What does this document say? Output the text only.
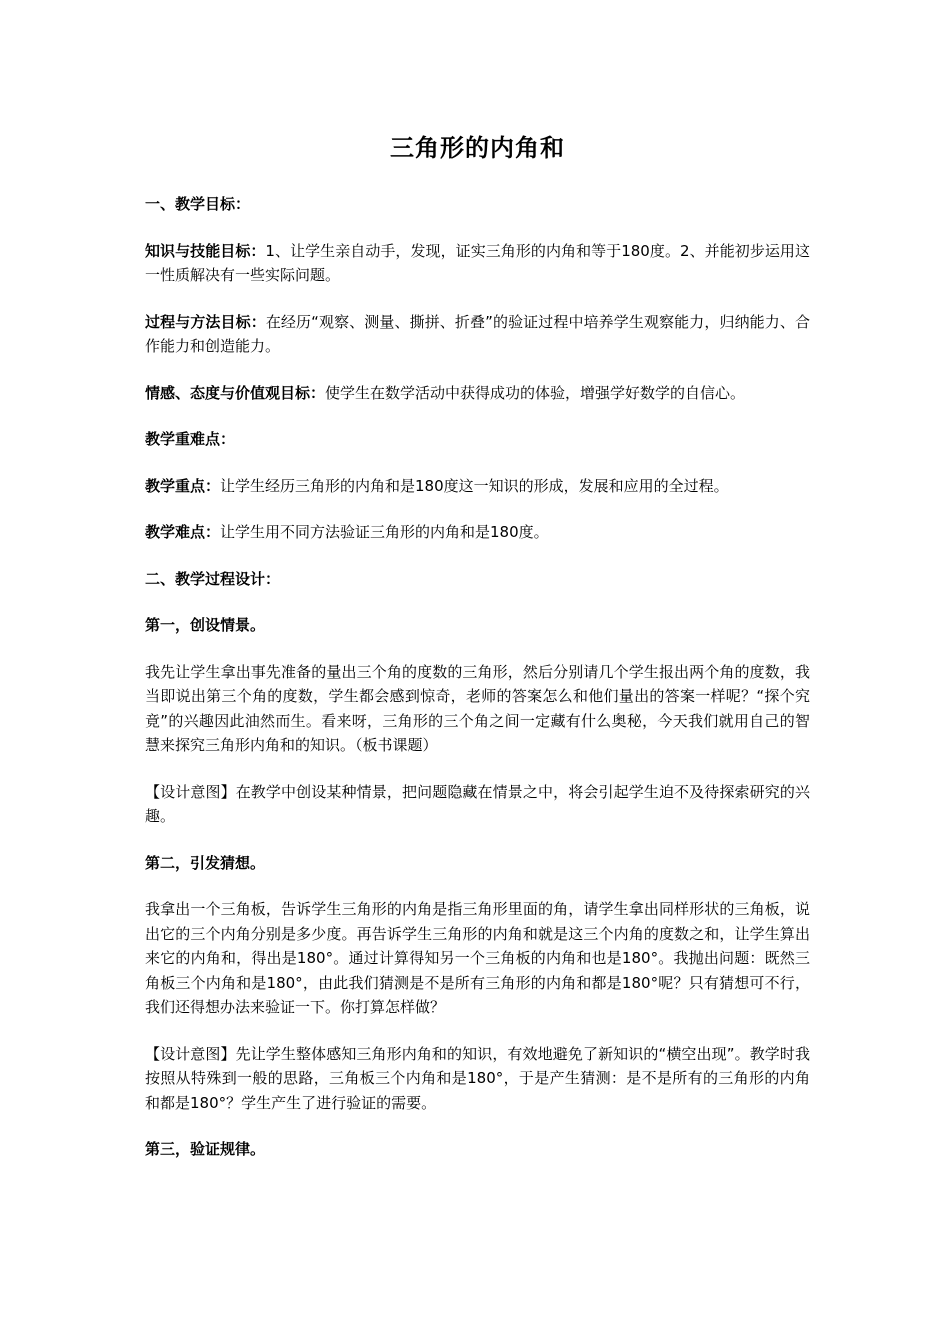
三角形的内角和
一、教学目标：
知识与技能目标：1、让学生亲自动手，发现，证实三角形的内角和等于180度。2、并能初步运用这一性质解决有一些实际问题。
过程与方法目标：在经历“观察、测量、撕拼、折叠”的验证过程中培养学生观察能力，归纳能力、合作能力和创造能力。
情感、态度与价值观目标：使学生在数学活动中获得成功的体验，增强学好数学的自信心。
教学重难点：
教学重点：让学生经历三角形的内角和是180度这一知识的形成，发展和应用的全过程。
教学难点：让学生用不同方法验证三角形的内角和是180度。
二、教学过程设计：
第一，创设情景。
我先让学生拿出事先准备的量出三个角的度数的三角形，然后分别请几个学生报出两个角的度数，我当即说出第三个角的度数，学生都会感到惊奇，老师的答案怎么和他们量出的答案一样呢？“探个究竟”的兴趣因此油然而生。看来呀，三角形的三个角之间一定藏有什么奥秘，今天我们就用自己的智慧来探究三角形内角和的知识。（板书课题）
【设计意图】在教学中创设某种情景，把问题隐藏在情景之中，将会引起学生迫不及待探索研究的兴趣。
第二，引发猜想。
我拿出一个三角板，告诉学生三角形的内角是指三角形里面的角，请学生拿出同样形状的三角板，说出它的三个内角分别是多少度。再告诉学生三角形的内角和就是这三个内角的度数之和，让学生算出来它的内角和，得出是180°。通过计算得知另一个三角板的内角和也是180°。我抛出问题：既然三角板三个内角和是180°，由此我们猜测是不是所有三角形的内角和都是180°呢？只有猜想可不行，我们还得想办法来验证一下。你打算怎样做？
【设计意图】先让学生整体感知三角形内角和的知识，有效地避免了新知识的“横空出现”。教学时我按照从特殊到一般的思路，三角板三个内角和是180°，于是产生猜测：是不是所有的三角形的内角和都是180°？学生产生了进行验证的需要。
第三，验证规律。
